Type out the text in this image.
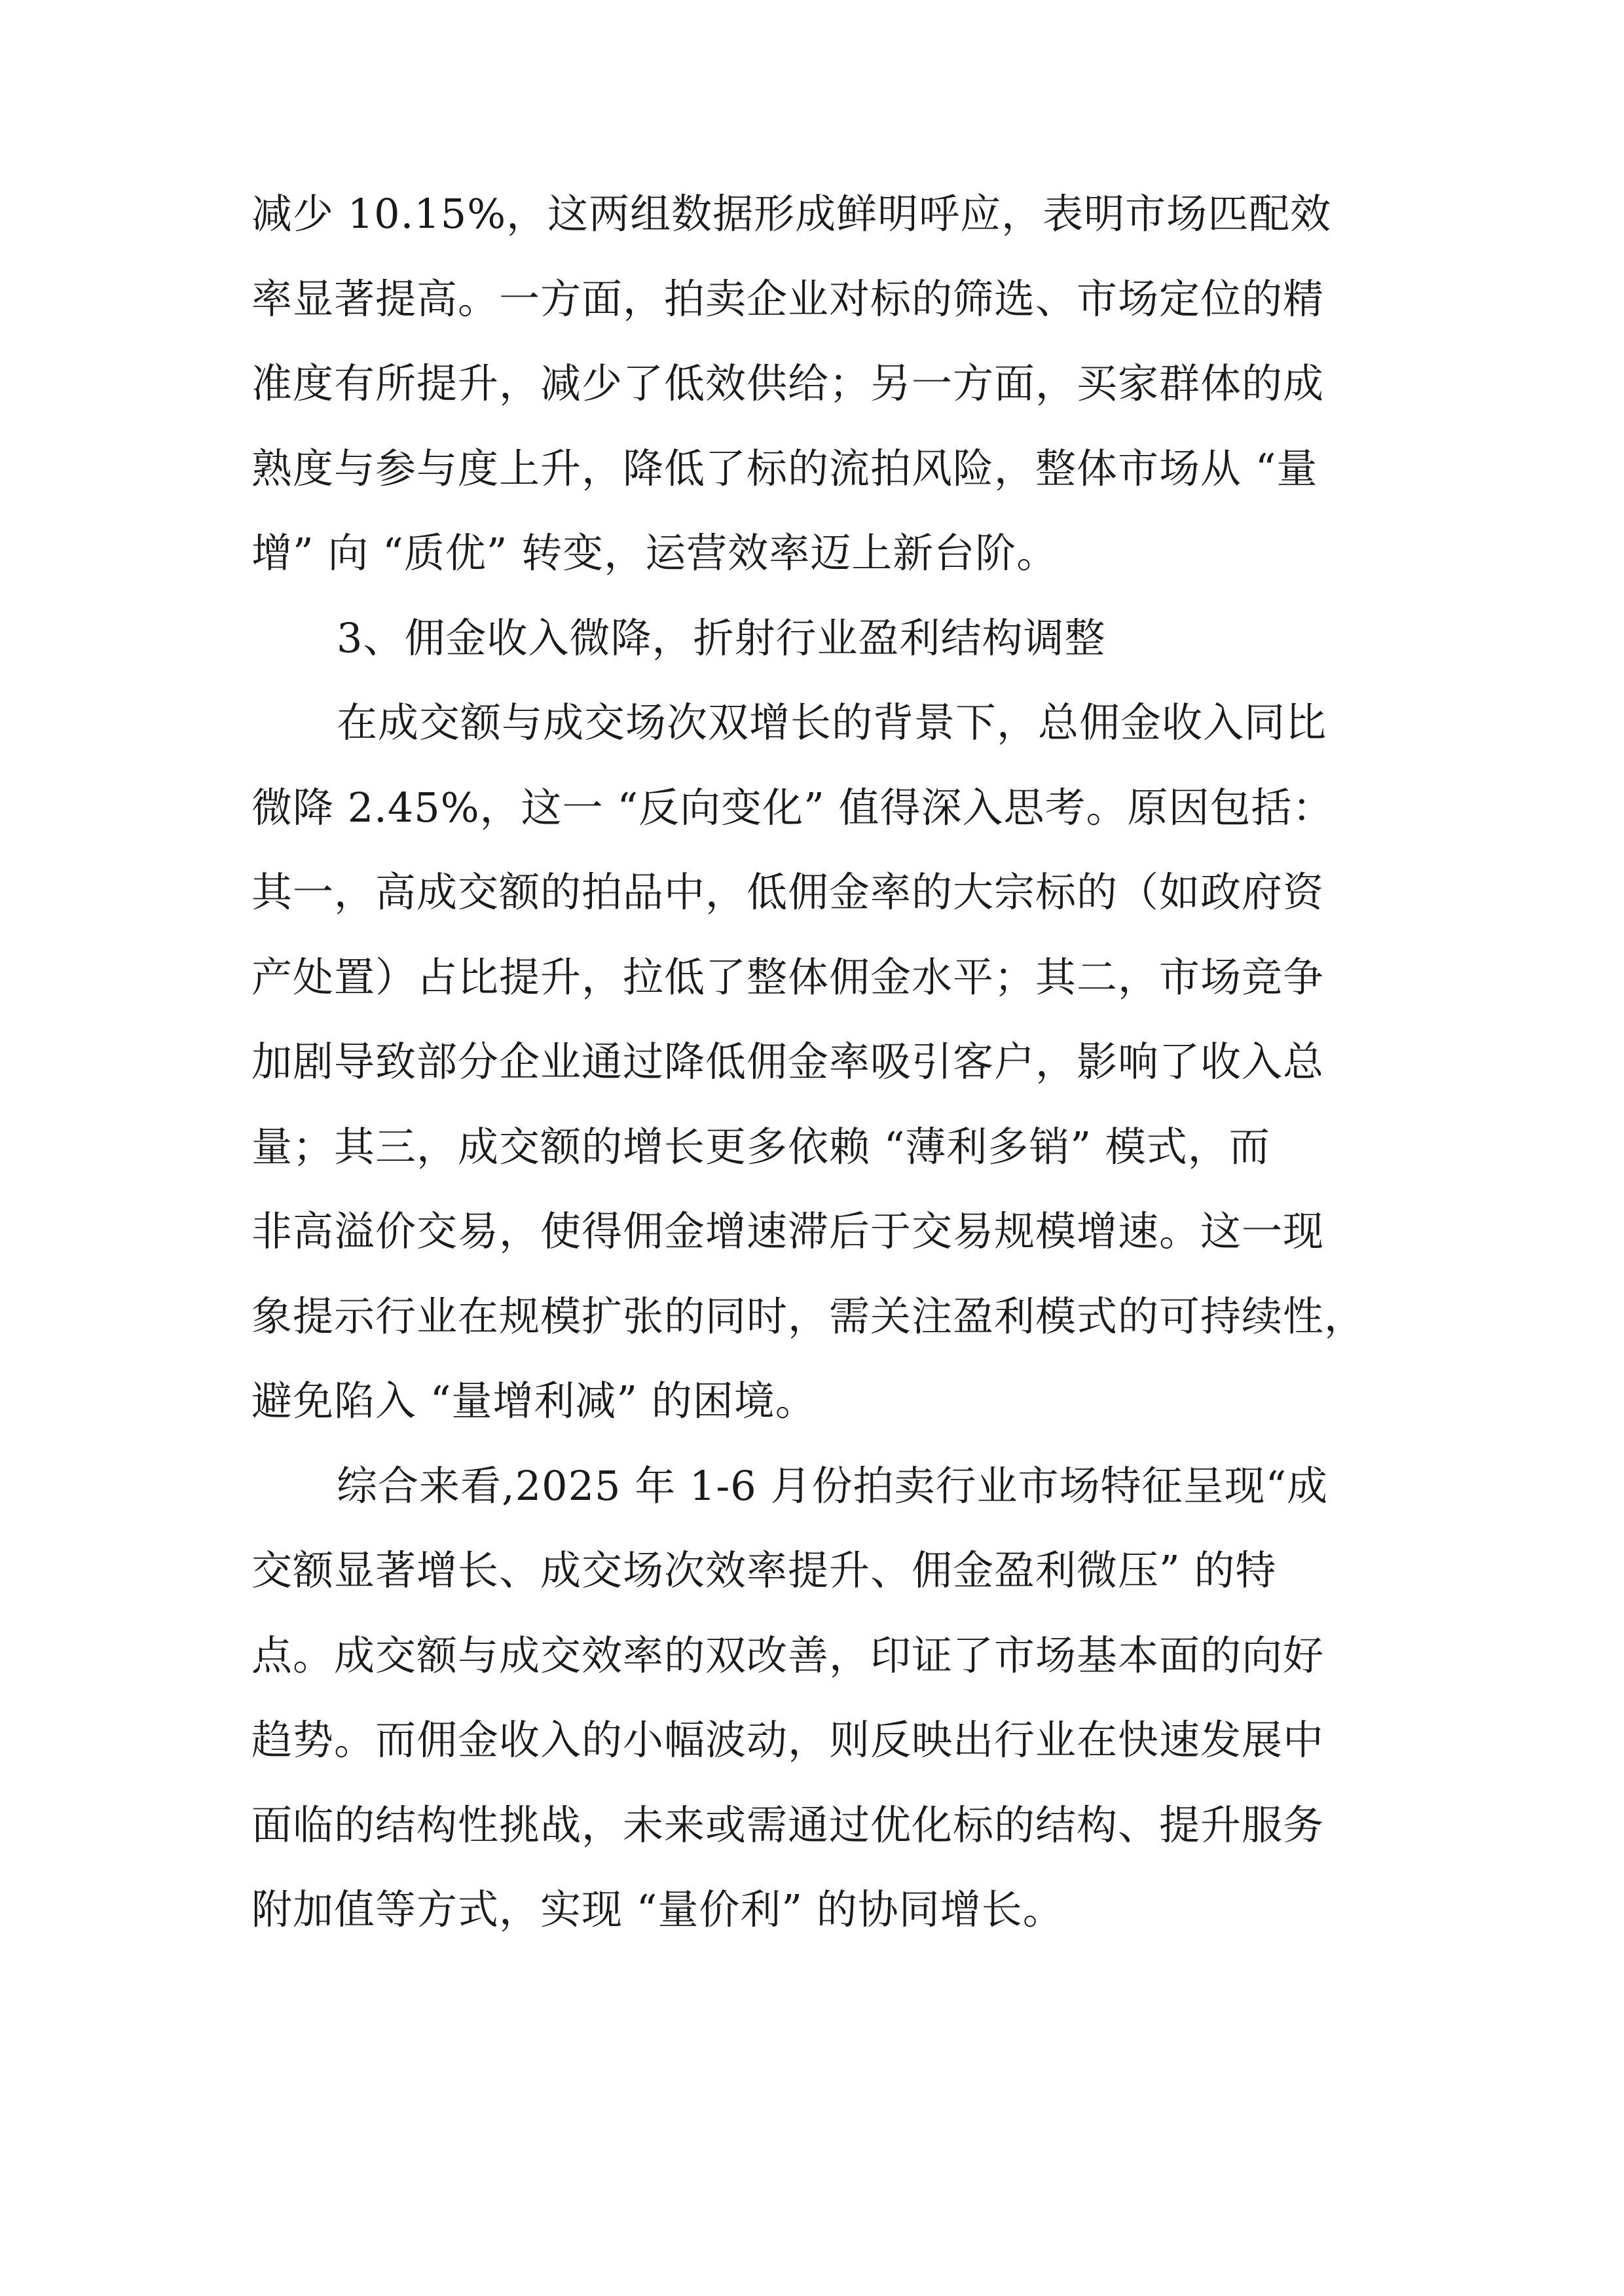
减少 10.15%，这两组数据形成鲜明呼应，表明市场匹配效
率显著提高。一方面，拍卖企业对标的筛选、市场定位的精
准度有所提升，减少了低效供给；另一方面，买家群体的成
熟度与参与度上升，降低了标的流拍风险，整体市场从 “量
增” 向 “质优” 转变，运营效率迈上新台阶。
3、佣金收入微降，折射行业盈利结构调整
在成交额与成交场次双增长的背景下，总佣金收入同比
微降 2.45%，这一 “反向变化” 值得深入思考。原因包括：
其一，高成交额的拍品中，低佣金率的大宗标的（如政府资
产处置）占比提升，拉低了整体佣金水平；其二，市场竞争
加剧导致部分企业通过降低佣金率吸引客户，影响了收入总
量；其三，成交额的增长更多依赖 “薄利多销” 模式，而
非高溢价交易，使得佣金增速滞后于交易规模增速。这一现
象提示行业在规模扩张的同时，需关注盈利模式的可持续性，
避免陷入 “量增利减” 的困境。
综合来看,2025 年 1-6 月份拍卖行业市场特征呈现“成
交额显著增长、成交场次效率提升、佣金盈利微压” 的特
点。成交额与成交效率的双改善，印证了市场基本面的向好
趋势。而佣金收入的小幅波动，则反映出行业在快速发展中
面临的结构性挑战，未来或需通过优化标的结构、提升服务
附加值等方式，实现 “量价利” 的协同增长。
